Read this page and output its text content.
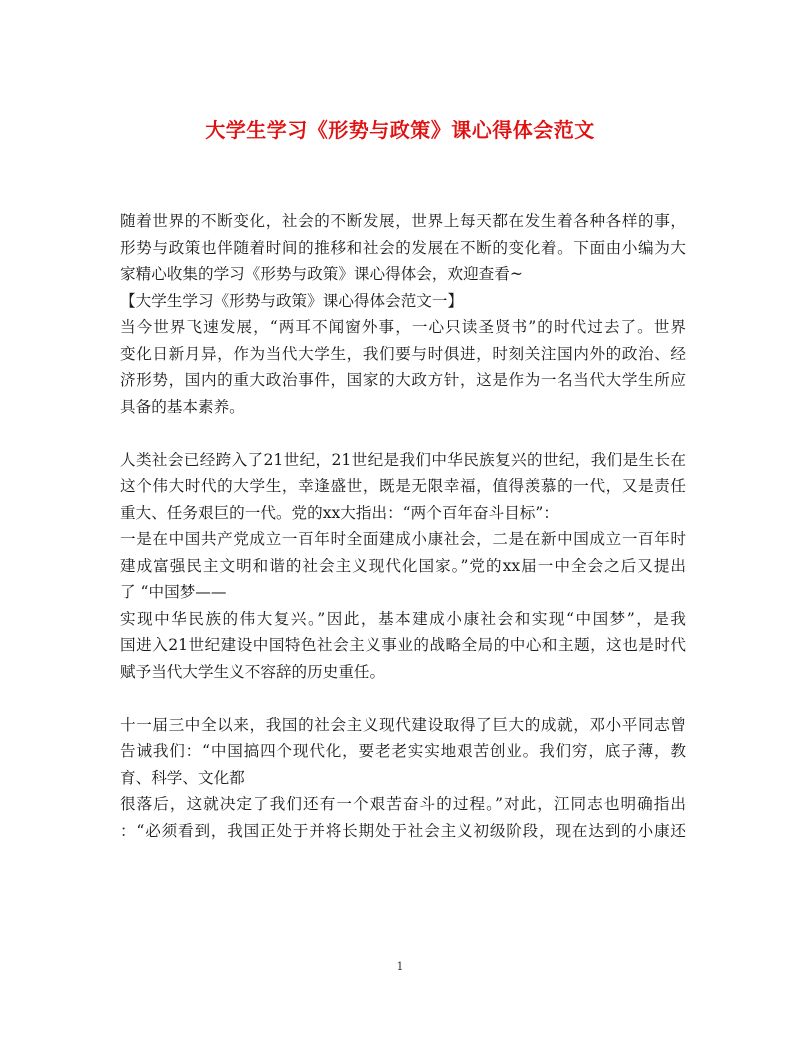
大学生学习《形势与政策》课心得体会范文
随着世界的不断变化，社会的不断发展，世界上每天都在发生着各种各样的事，
形势与政策也伴随着时间的推移和社会的发展在不断的变化着。下面由小编为大
家精心收集的学习《形势与政策》课心得体会，欢迎查看~
【大学生学习《形势与政策》课心得体会范文一】
当今世界飞速发展，“两耳不闻窗外事，一心只读圣贤书”的时代过去了。世界
变化日新月异，作为当代大学生，我们要与时俱进，时刻关注国内外的政治、经
济形势，国内的重大政治事件，国家的大政方针，这是作为一名当代大学生所应
具备的基本素养。
人类社会已经跨入了21世纪，21世纪是我们中华民族复兴的世纪，我们是生长在
这个伟大时代的大学生，幸逢盛世，既是无限幸福，值得羡慕的一代，又是责任
重大、任务艰巨的一代。党的xx大指出：“两个百年奋斗目标”：
一是在中国共产党成立一百年时全面建成小康社会，二是在新中国成立一百年时
建成富强民主文明和谐的社会主义现代化国家。”党的xx届一中全会之后又提出
了 “中国梦——
实现中华民族的伟大复兴。”因此，基本建成小康社会和实现“中国梦”，是我
国进入21世纪建设中国特色社会主义事业的战略全局的中心和主题，这也是时代
赋予当代大学生义不容辞的历史重任。
十一届三中全以来，我国的社会主义现代建设取得了巨大的成就，邓小平同志曾
告诫我们：“中国搞四个现代化，要老老实实地艰苦创业。我们穷，底子薄，教
育、科学、文化都
很落后，这就决定了我们还有一个艰苦奋斗的过程。”对此，江同志也明确指出
：“必须看到，我国正处于并将长期处于社会主义初级阶段，现在达到的小康还
1
